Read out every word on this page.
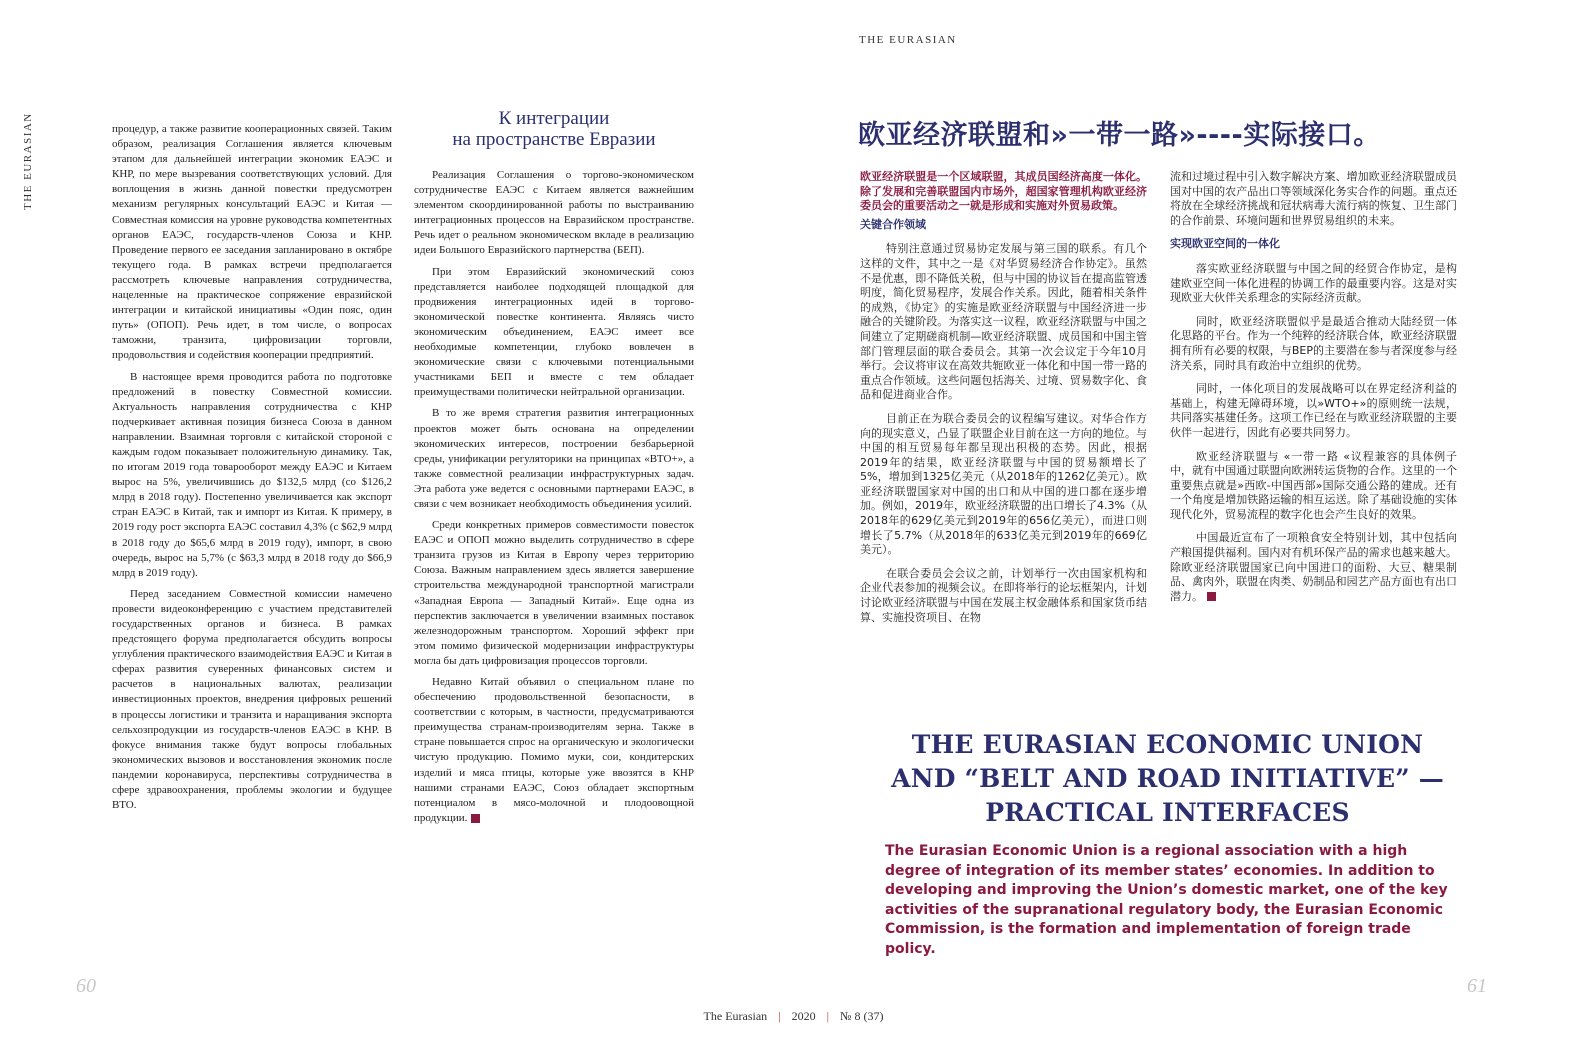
THE EURASIAN
THE EURASIAN

процедур, а также развитие кооперационных связей. Таким образом, реализация Соглашения является ключевым этапом для дальнейшей интеграции экономик ЕАЭС и КНР, по мере вызревания соответствующих условий. Для воплощения в жизнь данной повестки предусмотрен механизм регулярных консультаций ЕАЭС и Китая — Совместная комиссия на уровне руководства компетентных органов ЕАЭС, государств-членов Союза и КНР. Проведение первого ее заседания запланировано в октябре текущего года. В рамках встречи предполагается рассмотреть ключевые направления сотрудничества, нацеленные на практическое сопряжение евразийской интеграции и китайской инициативы «Один пояс, один путь» (ОПОП). Речь идет, в том числе, о вопросах таможни, транзита, цифровизации торговли, продовольствия и содействия кооперации предприятий.

В настоящее время проводится работа по подготовке предложений в повестку Совместной комиссии. Актуальность направления сотрудничества с КНР подчеркивает активная позиция бизнеса Союза в данном направлении. Взаимная торговля с китайской стороной с каждым годом показывает положительную динамику. Так, по итогам 2019 года товарооборот между ЕАЭС и Китаем вырос на 5%, увеличившись до $132,5 млрд (со $126,2 млрд в 2018 году). Постепенно увеличивается как экспорт стран ЕАЭС в Китай, так и импорт из Китая. К примеру, в 2019 году рост экспорта ЕАЭС составил 4,3% (с $62,9 млрд в 2018 году до $65,6 млрд в 2019 году), импорт, в свою очередь, вырос на 5,7% (с $63,3 млрд в 2018 году до $66,9 млрд в 2019 году).

Перед заседанием Совместной комиссии намечено провести видеоконференцию с участием представителей государственных органов и бизнеса. В рамках предстоящего форума предполагается обсудить вопросы углубления практического взаимодействия ЕАЭС и Китая в сферах развития суверенных финансовых систем и расчетов в национальных валютах, реализации инвестиционных проектов, внедрения цифровых решений в процессы логистики и транзита и наращивания экспорта сельхозпродукции из государств-членов ЕАЭС в КНР. В фокусе внимания также будут вопросы глобальных экономических вызовов и восстановления экономик после пандемии коронавируса, перспективы сотрудничества в сфере здравоохранения, проблемы экологии и будущее ВТО.

К интеграции
на пространстве Евразии

Реализация Соглашения о торгово-экономическом сотрудничестве ЕАЭС с Китаем является важнейшим элементом скоординированной работы по выстраиванию интеграционных процессов на Евразийском пространстве. Речь идет о реальном экономическом вкладе в реализацию идеи Большого Евразийского партнерства (БЕП).

При этом Евразийский экономический союз представляется наиболее подходящей площадкой для продвижения интеграционных идей в торгово-экономической повестке континента. Являясь чисто экономическим объединением, ЕАЭС имеет все необходимые компетенции, глубоко вовлечен в экономические связи с ключевыми потенциальными участниками БЕП и вместе с тем обладает преимуществами политически нейтральной организации.

В то же время стратегия развития интеграционных проектов может быть основана на определении экономических интересов, построении безбарьерной среды, унификации регуляторики на принципах «ВТО+», а также совместной реализации инфраструктурных задач. Эта работа уже ведется с основными партнерами ЕАЭС, в связи с чем возникает необходимость объединения усилий.

Среди конкретных примеров совместимости повесток ЕАЭС и ОПОП можно выделить сотрудничество в сфере транзита грузов из Китая в Европу через территорию Союза. Важным направлением здесь является завершение строительства международной транспортной магистрали «Западная Европа — Западный Китай». Еще одна из перспектив заключается в увеличении взаимных поставок железнодорожным транспортом. Хороший эффект при этом помимо физической модернизации инфраструктуры могла бы дать цифровизация процессов торговли.

Недавно Китай объявил о специальном плане по обеспечению продовольственной безопасности, в соответствии с которым, в частности, предусматриваются преимущества странам-производителям зерна. Также в стране повышается спрос на органическую и экологически чистую продукцию. Помимо муки, сои, кондитерских изделий и мяса птицы, которые уже ввозятся в КНР нашими странами ЕАЭС, Союз обладает экспортным потенциалом в мясо-молочной и плодоовощной продукции.	E

欧亚经济联盟和»一带一路»----实际接口。
欧亚经济联盟是一个区域联盟，其成员国经济高度一体化。除了发展和完善联盟国内市场外，超国家管理机构欧亚经济委员会的重要活动之一就是形成和实施对外贸易政策。
关键合作领域

特别注意通过贸易协定发展与第三国的联系。有几个这样的文件，其中之一是《对华贸易经济合作协定》。虽然不是优惠，即不降低关税，但与中国的协议旨在提高监管透明度，简化贸易程序，发展合作关系。因此，随着相关条件的成熟，《协定》的实施是欧亚经济联盟与中国经济进一步融合的关键阶段。为落实这一议程，欧亚经济联盟与中国之间建立了定期磋商机制—欧亚经济联盟、成员国和中国主管部门管理层面的联合委员会。其第一次会议定于今年10月举行。会议将审议在高效共轭欧亚一体化和中国一带一路的重点合作领域。这些问题包括海关、过境、贸易数字化、食品和促进商业合作。

目前正在为联合委员会的议程编写建议。对华合作方向的现实意义，凸显了联盟企业目前在这一方向的地位。与中国的相互贸易每年都呈现出积极的态势。因此，根据2019年的结果，欧亚经济联盟与中国的贸易额增长了5%，增加到1325亿美元（从2018年的1262亿美元）。欧亚经济联盟国家对中国的出口和从中国的进口都在逐步增加。例如，2019年，欧亚经济联盟的出口增长了4.3%（从2018年的629亿美元到2019年的656亿美元），而进口则增长了5.7%（从2018年的633亿美元到2019年的669亿美元）。

在联合委员会会议之前，计划举行一次由国家机构和企业代表参加的视频会议。在即将举行的论坛框架内，计划讨论欧亚经济联盟与中国在发展主权金融体系和国家货币结算、实施投资项目、在物

流和过境过程中引入数字解决方案、增加欧亚经济联盟成员国对中国的农产品出口等领域深化务实合作的问题。重点还将放在全球经济挑战和冠状病毒大流行病的恢复、卫生部门的合作前景、环境问题和世界贸易组织的未来。

实现欧亚空间的一体化

落实欧亚经济联盟与中国之间的经贸合作协定，是构建欧亚空间一体化进程的协调工作的最重要内容。这是对实现欧亚大伙伴关系理念的实际经济贡献。

同时，欧亚经济联盟似乎是最适合推动大陆经贸一体化思路的平台。作为一个纯粹的经济联合体，欧亚经济联盟拥有所有必要的权限，与BEP的主要潜在参与者深度参与经济关系，同时具有政治中立组织的优势。

同时，一体化项目的发展战略可以在界定经济利益的基础上，构建无障碍环境，以»WTO+»的原则统一法规，共同落实基建任务。这项工作已经在与欧亚经济联盟的主要伙伴一起进行，因此有必要共同努力。

欧亚经济联盟与 «一带一路 «议程兼容的具体例子中，就有中国通过联盟向欧洲转运货物的合作。这里的一个重要焦点就是»西欧-中国西部»国际交通公路的建成。还有一个角度是增加铁路运输的相互运送。除了基础设施的实体现代化外，贸易流程的数字化也会产生良好的效果。

中国最近宣布了一项粮食安全特别计划，其中包括向产粮国提供福利。国内对有机环保产品的需求也越来越大。除欧亚经济联盟国家已向中国进口的面粉、大豆、糖果制品、禽肉外，联盟在肉类、奶制品和园艺产品方面也有出口潜力。	E

THE EURASIAN ECONOMIC UNION
AND “BELT AND ROAD INITIATIVE” —
PRACTICAL INTERFACES
The Eurasian Economic Union is a regional association with a high degree of integration of its member states’ economies. In addition to developing and improving the Union’s domestic market, one of the key activities of the supranational regulatory body, the Eurasian Economic Commission, is the formation and implementation of foreign trade policy.
60	61
The Eurasian | 2020 | № 8 (37)
